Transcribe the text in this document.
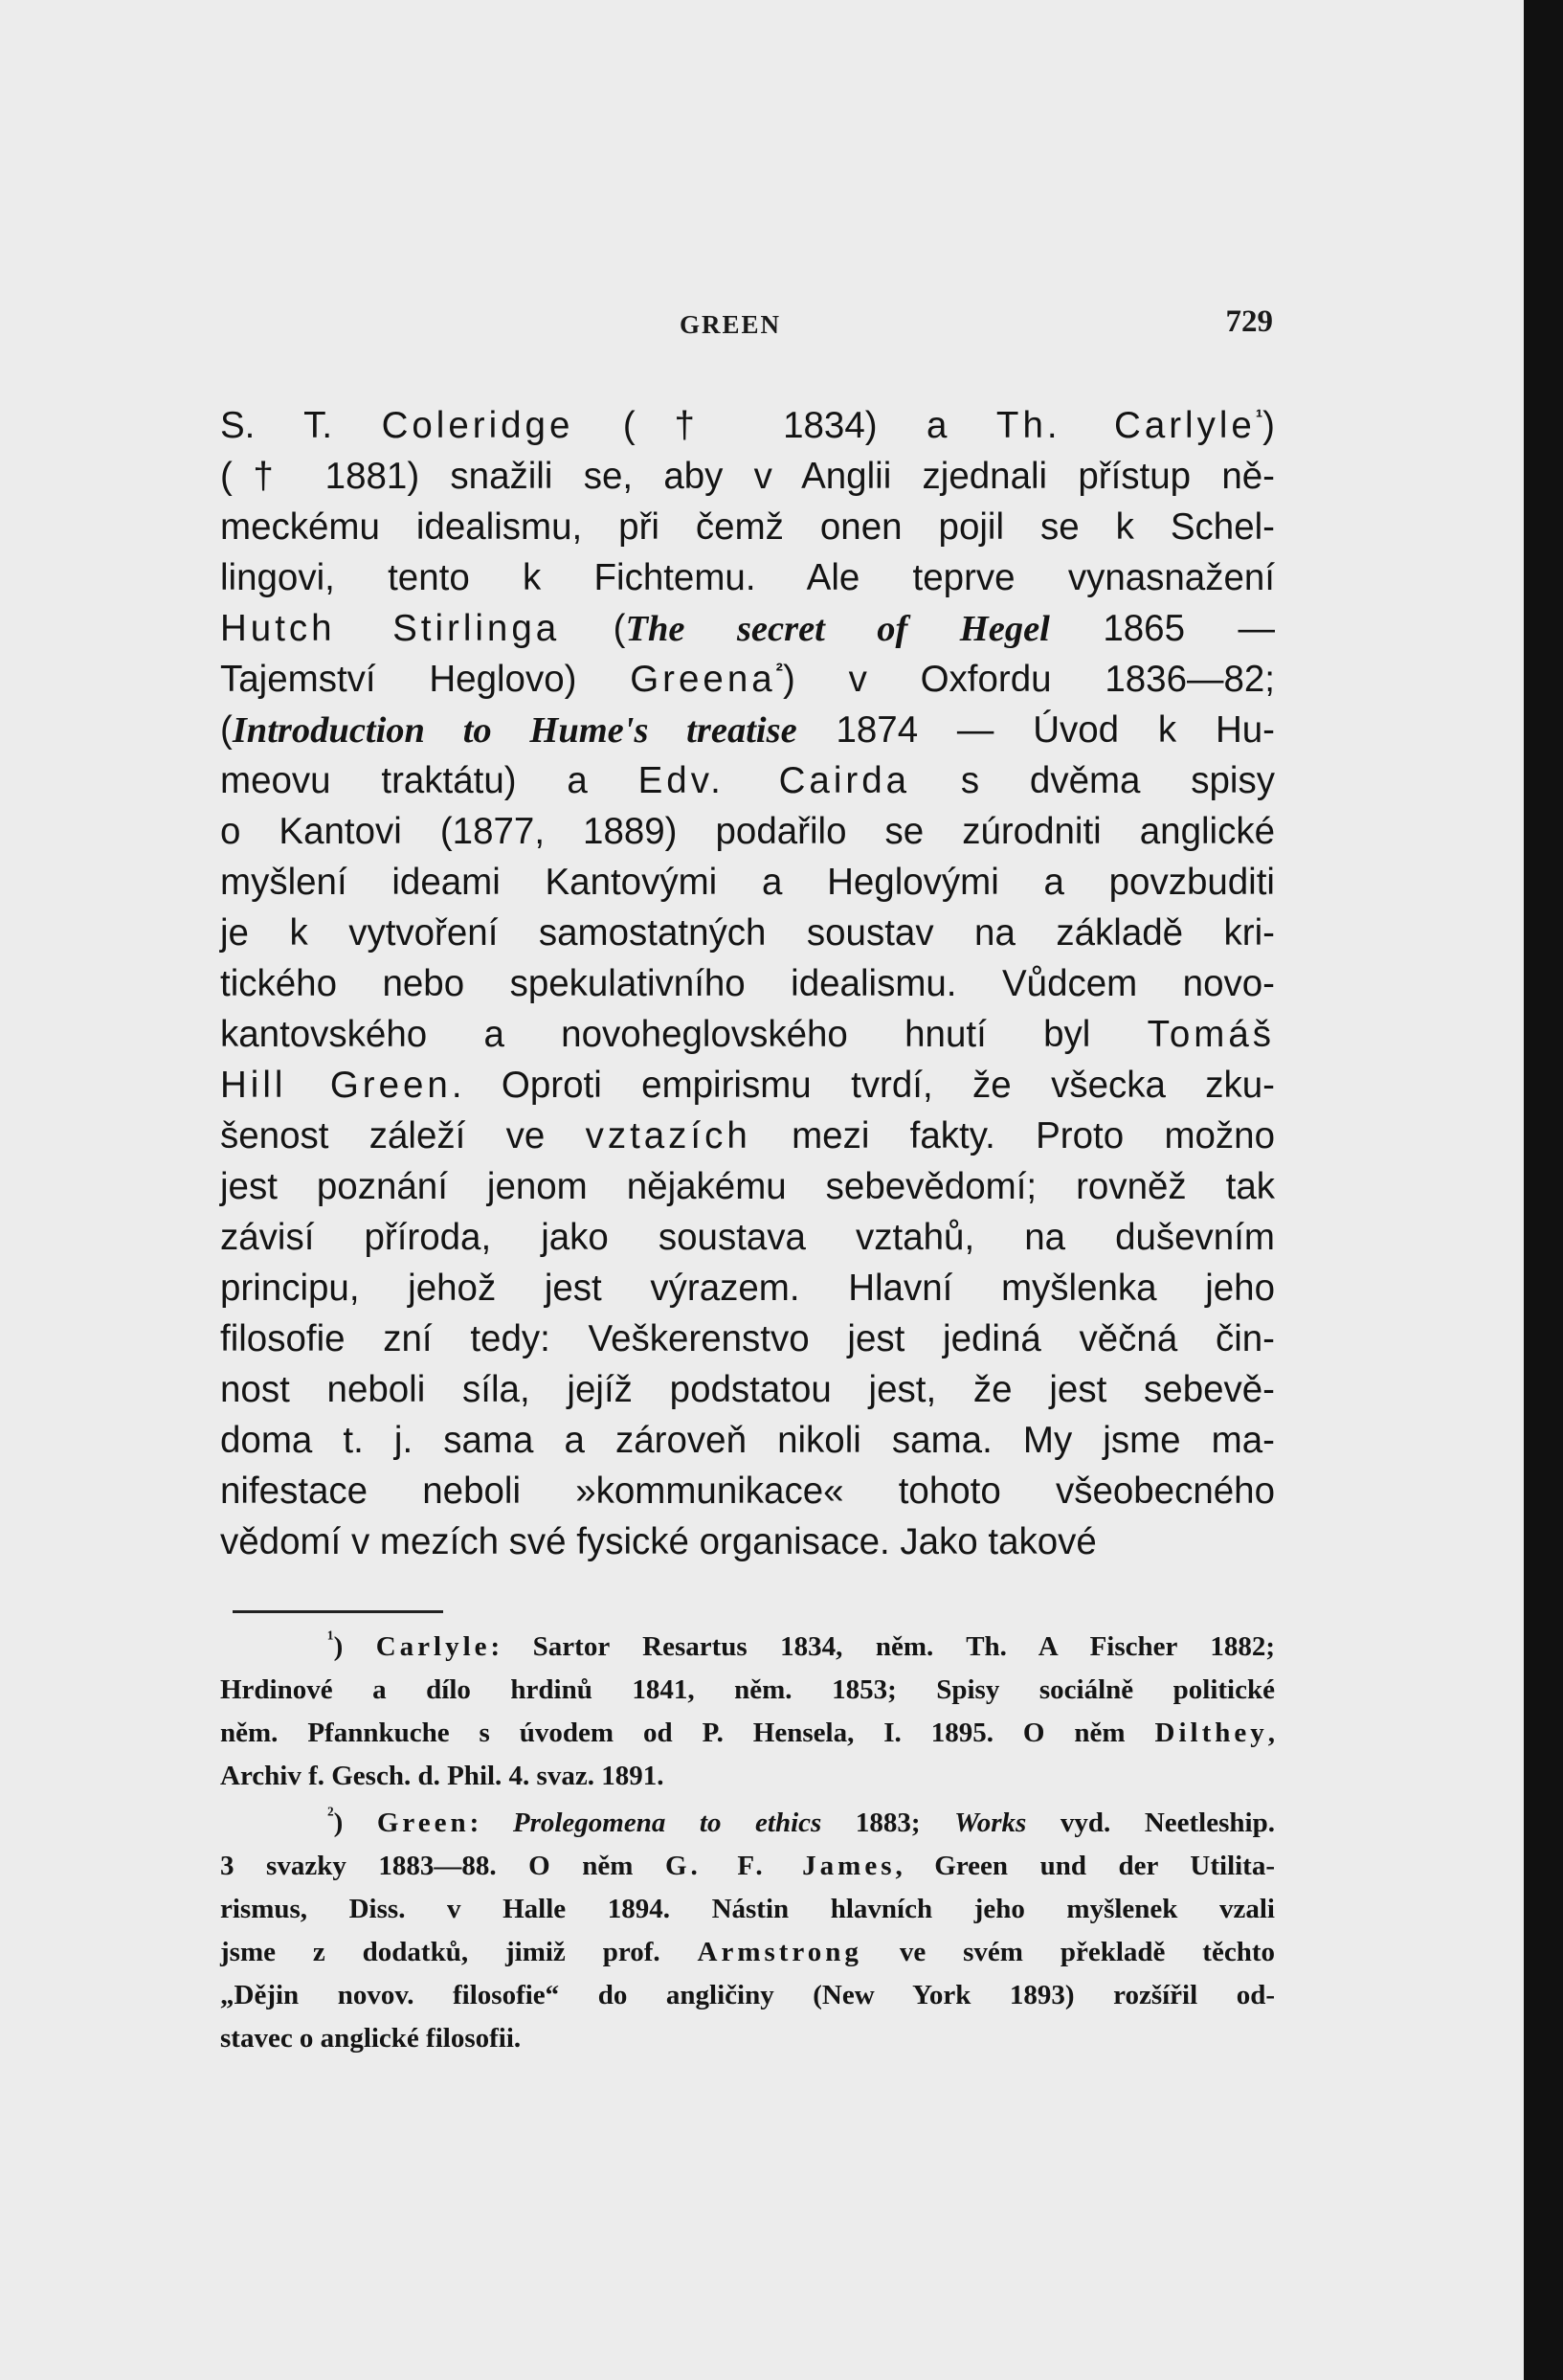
GREEN	729
S. T. Coleridge († 1834) a Th. Carlyle$^{^1}$)
(† 1881) snažili se, aby v Anglii zjednali přístup ně-
meckému idealismu, při čemž onen pojil se k Schel-
lingovi, tento k Fichtemu. Ale teprve vynasnažení
Hutch Stirlinga (The secret of Hegel 1865 —
Tajemství Heglovo) Greena$^{^2}$) v Oxfordu 1836—82;
(Introduction to Hume's treatise 1874 — Úvod k Hu-
meovu traktátu) a Edv. Cairda s dvěma spisy
o Kantovi (1877, 1889) podařilo se zúrodniti anglické
myšlení ideami Kantovými a Heglovými a povzbuditi
je k vytvoření samostatných soustav na základě kri-
tického nebo spekulativního idealismu. Vůdcem novo-
kantovského a novoheglovského hnutí byl Tomáš
Hill Green. Oproti empirismu tvrdí, že všecka zku-
šenost záleží ve vztazích mezi fakty. Proto možno
jest poznání jenom nějakému sebevědomí; rovněž tak
závisí příroda, jako soustava vztahů, na duševním
principu, jehož jest výrazem. Hlavní myšlenka jeho
filosofie zní tedy: Veškerenstvo jest jediná věčná čin-
nost neboli síla, jejíž podstatou jest, že jest sebevě-
doma t. j. sama a zároveň nikoli sama. My jsme ma-
nifestace neboli »kommunikace« tohoto všeobecného
vědomí v mezích své fysické organisace. Jako takové
$^{^1}$) Carlyle: Sartor Resartus 1834, něm. Th. A Fischer 1882;
Hrdinové a dílo hrdinů 1841, něm. 1853; Spisy sociálně politické
něm. Pfannkuche s úvodem od P. Hensela, I. 1895. O něm Dilthey,
Archiv f. Gesch. d. Phil. 4. svaz. 1891.
$^{^2}$) Green: Prolegomena to ethics 1883; Works vyd. Neetleship.
3 svazky 1883—88. O něm G. F. James, Green und der Utilita-
rismus, Diss. v Halle 1894. Nástin hlavních jeho myšlenek vzali
jsme z dodatků, jimiž prof. Armstrong ve svém překladě těchto
„Dějin novov. filosofie“ do angličiny (New York 1893) rozšířil od-
stavec o anglické filosofii.
